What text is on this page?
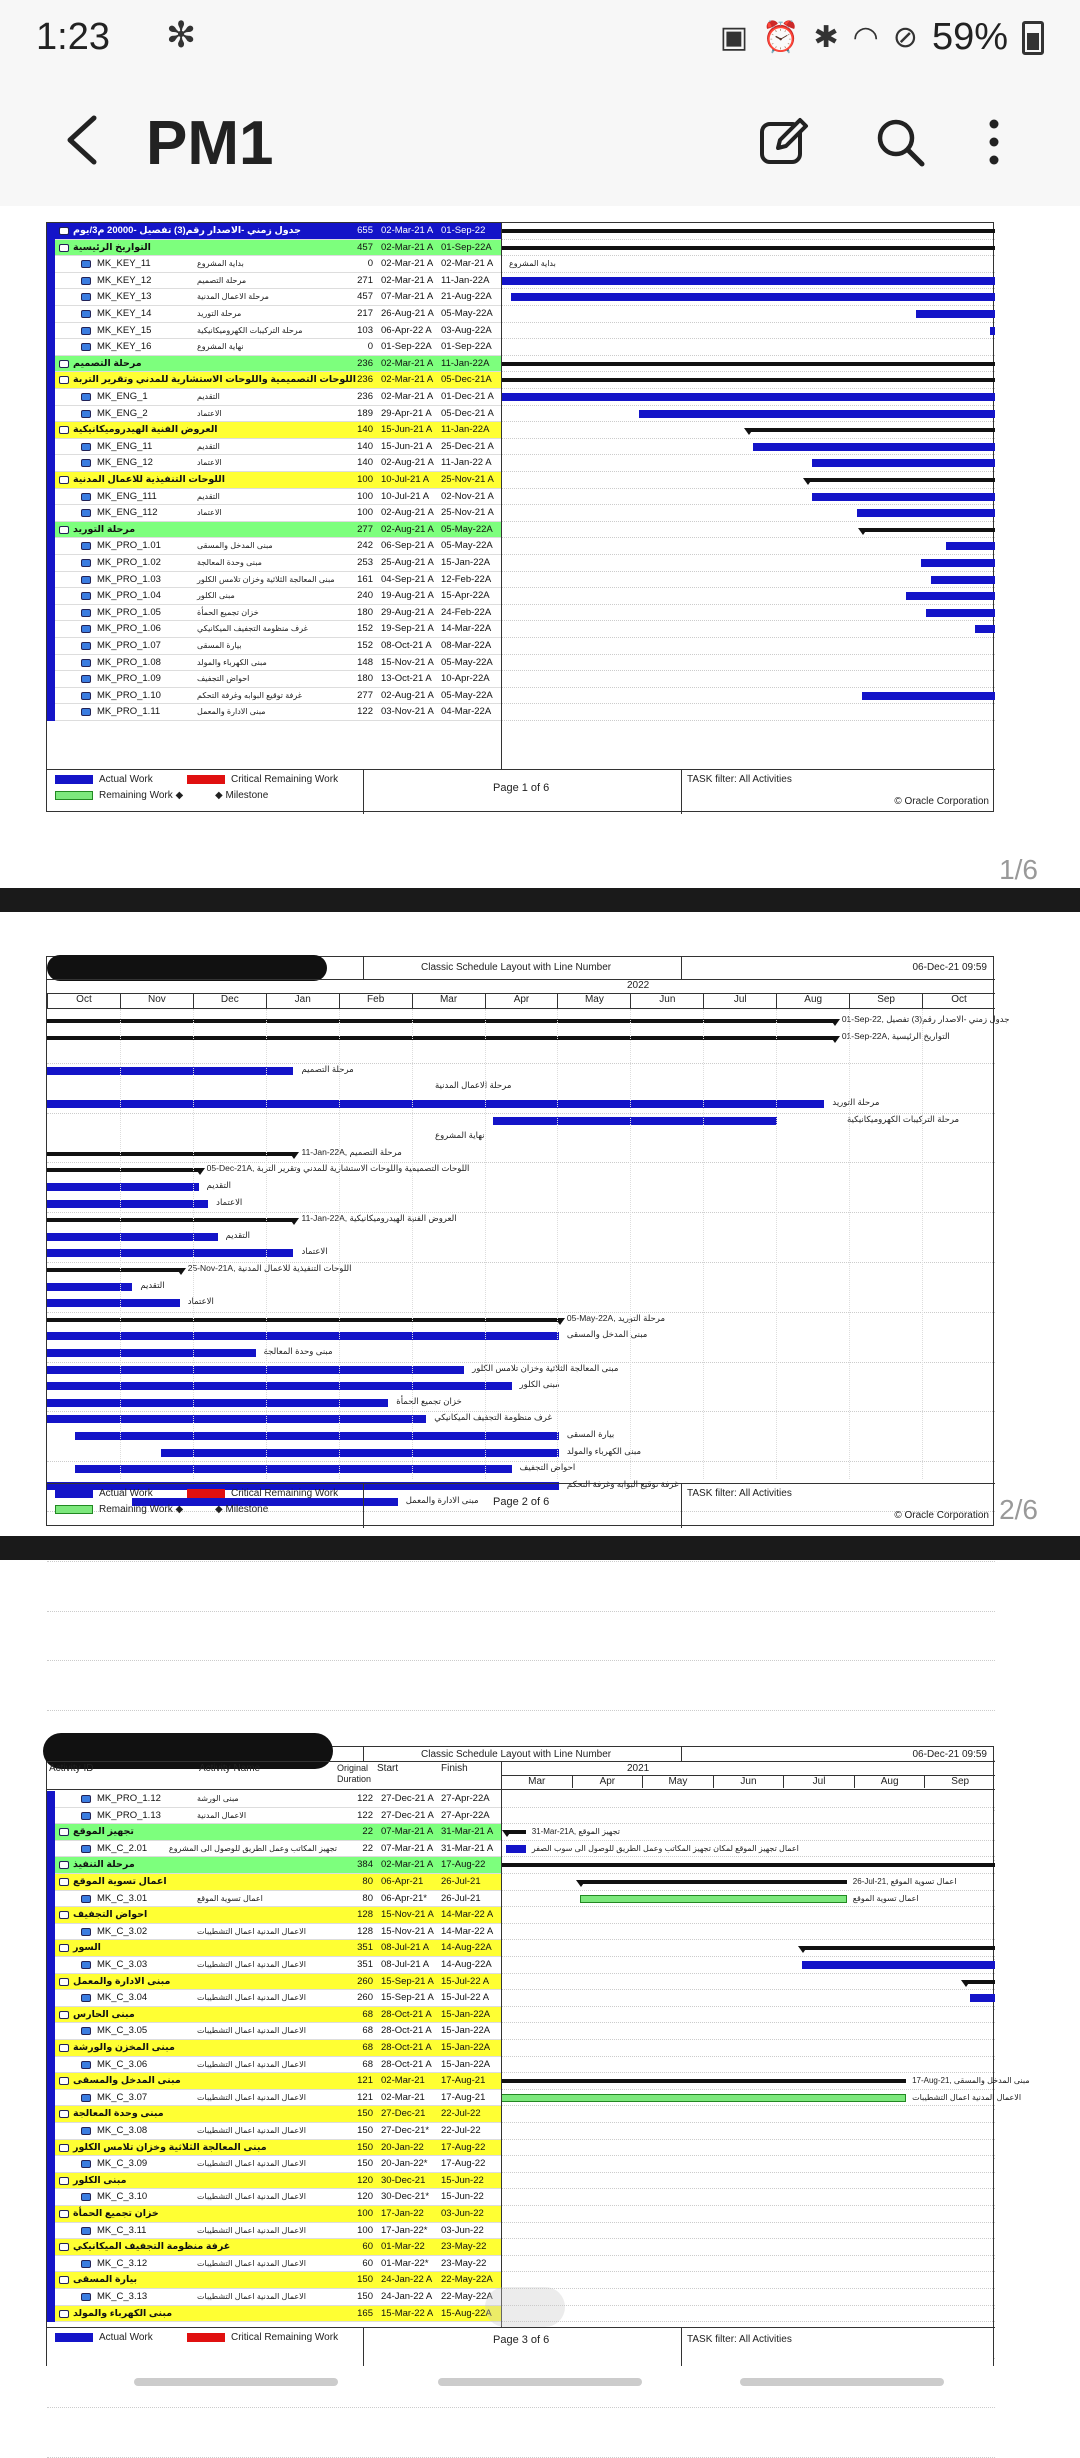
1:23 ✻	▣ ⏰ ✱ ◠ ⊘ 59%
PM1
جدول زمني -الاصدار رقم(3) تفصيل -20000 م3/يوم	655 02-Mar-21 A 01-Sep-22
التواريخ الرئيسية	457 02-Mar-21 A 01-Sep-22A
MK_KEY_11	بداية المشروع	0 02-Mar-21 A 02-Mar-21 A	بداية المشروع
MK_KEY_12	مرحلة التصميم	271 02-Mar-21 A 11-Jan-22A
MK_KEY_13	مرحلة الاعمال المدنية	457 07-Mar-21 A 21-Aug-22A
MK_KEY_14	مرحلة التوريد	217 26-Aug-21 A 05-May-22A
MK_KEY_15	مرحلة التركيبات الكهروميكانيكية	103 06-Apr-22 A 03-Aug-22A
MK_KEY_16	نهاية المشروع	0 01-Sep-22A 01-Sep-22A
مرحلة التصميم	236 02-Mar-21 A 11-Jan-22A
اللوحات التصميمية واللوحات الاستشارية للمدني وتقرير التربة 236 02-Mar-21 A 05-Dec-21A
MK_ENG_1	التقديم	236 02-Mar-21 A 01-Dec-21 A
MK_ENG_2	الاعتماد	189 29-Apr-21 A 05-Dec-21 A
العروض الفنية الهيدروميكانيكية	140 15-Jun-21 A 11-Jan-22A
MK_ENG_11	التقديم	140 15-Jun-21 A 25-Dec-21 A
MK_ENG_12	الاعتماد	140 02-Aug-21 A 11-Jan-22 A
اللوحات التنفيذية للاعمال المدنية	100 10-Jul-21 A	25-Nov-21 A
MK_ENG_111	التقديم	100 10-Jul-21 A	02-Nov-21 A
MK_ENG_112	الاعتماد	100 02-Aug-21 A 25-Nov-21 A
مرحلة التوريد	277 02-Aug-21 A 05-May-22A
MK_PRO_1.01	مبنى المدخل والمسقى	242 06-Sep-21 A 05-May-22A
MK_PRO_1.02	مبنى وحدة المعالجة	253 25-Aug-21 A 15-Jan-22A
MK_PRO_1.03	مبنى المعالجة الثلاثية وخزان تلامس الكلور	161 04-Sep-21 A 12-Feb-22A
MK_PRO_1.04	مبنى الكلور	240 19-Aug-21 A 15-Apr-22A
MK_PRO_1.05	خزان تجميع الحمأة	180 29-Aug-21 A 24-Feb-22A
MK_PRO_1.06	غرف منظومة التجفيف الميكانيكي	152 19-Sep-21 A 14-Mar-22A
MK_PRO_1.07	بيارة المسقى	152 08-Oct-21 A 08-Mar-22A
MK_PRO_1.08	مبنى الكهرباء والمولد	148 15-Nov-21 A 05-May-22A
MK_PRO_1.09	احواض التجفيف	180 13-Oct-21 A 10-Apr-22A
MK_PRO_1.10	غرفة توقيع البوابه وغرفة التحكم	277 02-Aug-21 A 05-May-22A
MK_PRO_1.11	مبنى الادارة والمعمل	122 03-Nov-21 A 04-Mar-22A
Actual Work	Critical Remaining Work
Remaining Work ◆	◆ Milestone
Page 1 of 6
TASK filter: All Activities
© Oracle Corporation
1/6
Classic Schedule Layout with Line Number	06-Dec-21 09:59
2022
Oct	Nov	Dec	Jan	Feb	Mar	Apr	May	Jun	Jul	Aug	Sep	Oct
01-Sep-22, جدول زمني -الاصدار رقم(3) تفصيل
01-Sep-22A, التواريخ الرئيسية
مرحلة التصميم
مرحلة الاعمال المدنية
مرحلة التوريد
مرحلة التركيبات الكهروميكانيكية
نهاية المشروع
11-Jan-22A, مرحلة التصميم
05-Dec-21A, اللوحات التصميمية واللوحات الاستشارية للمدني وتقرير التربة
التقديم
الاعتماد
11-Jan-22A, العروض الفنية الهيدروميكانيكية
التقديم
الاعتماد
25-Nov-21A, اللوحات التنفيذية للاعمال المدنية
التقديم
الاعتماد
05-May-22A, مرحلة التوريد
مبنى المدخل والمسقى
مبنى وحدة المعالجة
مبنى المعالجة الثلاثية وخزان تلامس الكلور
مبنى الكلور
خزان تجميع الحمأة
غرف منظومة التجفيف الميكانيكي
بيارة المسقى
مبنى الكهرباء والمولد
احواض التجفيف
غرفة توقيع البوابه وغرفة التحكم
مبنى الادارة والمعمل
Actual Work	Critical Remaining Work
Remaining Work ◆	◆ Milestone
Page 2 of 6
TASK filter: All Activities
© Oracle Corporation 2/6
Classic Schedule Layout with Line Number	06-Dec-21 09:59
Activity ID	Activity Name	Original Duration
Start	Finish	2021
Mar	Apr	May	Jun	Jul	Aug	Sep
MK_PRO_1.12	مبنى الورشة	122 27-Dec-21 A 27-Apr-22A
MK_PRO_1.13	الاعمال المدنية	122 27-Dec-21 A 27-Apr-22A
تجهيز الموقع	22 07-Mar-21 A 31-Mar-21 A	31-Mar-21A, تجهيز الموقع
MK_C_2.01	تجهيز المكاتب وعمل الطريق للوصول الى المشروع	22 07-Mar-21 A 31-Mar-21 A	اعمال تجهيز الموقع لمكان تجهيز المكاتب وعمل الطريق للوصول الى سوب الصفر
مرحلة التنفيذ	384 02-Mar-21 A 17-Aug-22
اعمال تسوية الموقع	80 06-Apr-21	26-Jul-21	26-Jul-21, اعمال تسوية الموقع
MK_C_3.01	اعمال تسوية الموقع	80 06-Apr-21*	26-Jul-21	اعمال تسوية الموقع
احواض التجفيف	128 15-Nov-21 A 14-Mar-22 A
MK_C_3.02	الاعمال المدنية اعمال التشطيبات	128 15-Nov-21 A 14-Mar-22 A
السور	351 08-Jul-21 A	14-Aug-22A
MK_C_3.03	الاعمال المدنية اعمال التشطيبات	351 08-Jul-21 A	14-Aug-22A
مبنى الادارة والمعمل	260 15-Sep-21 A 15-Jul-22 A
MK_C_3.04	الاعمال المدنية اعمال التشطيبات	260 15-Sep-21 A 15-Jul-22 A
مبنى الحارس	68 28-Oct-21 A 15-Jan-22A
MK_C_3.05	الاعمال المدنية اعمال التشطيبات	68 28-Oct-21 A 15-Jan-22A
مبنى المخزن والورشة	68 28-Oct-21 A 15-Jan-22A
MK_C_3.06	الاعمال المدنية اعمال التشطيبات	68 28-Oct-21 A 15-Jan-22A
مبنى المدخل والمسقى	121 02-Mar-21	17-Aug-21	17-Aug-21, مبنى المدخل والمسقى
MK_C_3.07	الاعمال المدنية اعمال التشطيبات	121 02-Mar-21	17-Aug-21	الاعمال المدنية اعمال التشطيبات
مبنى وحدة المعالجة	150 27-Dec-21	22-Jul-22
MK_C_3.08	الاعمال المدنية اعمال التشطيبات	150 27-Dec-21*	22-Jul-22
مبنى المعالجة الثلاثية وخزان تلامس الكلور	150 20-Jan-22	17-Aug-22
MK_C_3.09	الاعمال المدنية اعمال التشطيبات	150 20-Jan-22*	17-Aug-22
مبنى الكلور	120 30-Dec-21	15-Jun-22
MK_C_3.10	الاعمال المدنية اعمال التشطيبات	120 30-Dec-21*	15-Jun-22
خزان تجميع الحمأة	100 17-Jan-22	03-Jun-22
MK_C_3.11	الاعمال المدنية اعمال التشطيبات	100 17-Jan-22*	03-Jun-22
غرفة منظومة التجفيف الميكانيكي	60 01-Mar-22	23-May-22
MK_C_3.12	الاعمال المدنية اعمال التشطيبات	60 01-Mar-22*	23-May-22
بيارة المسقى	150 24-Jan-22 A 22-May-22A
MK_C_3.13	الاعمال المدنية اعمال التشطيبات	150 24-Jan-22 A 22-May-22A
مبنى الكهرباء والمولد	165 15-Mar-22 A 15-Aug-22A
Actual Work	Critical Remaining Work	Page 3 of 6	TASK filter: All Activities
